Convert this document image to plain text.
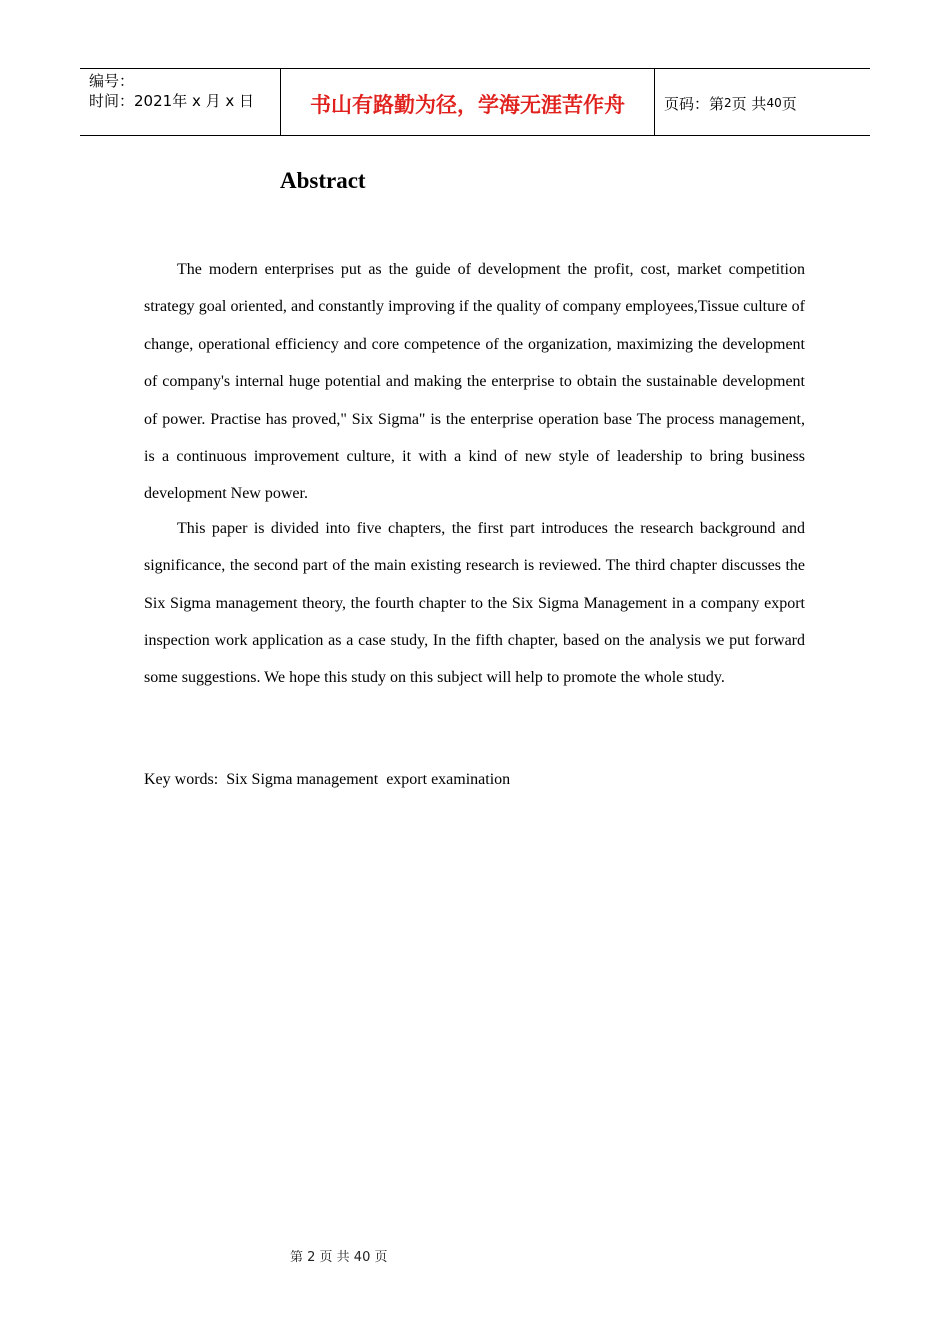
编号：
时间：2021年 x 月 x 日	书山有路勤为径，学海无涯苦作舟	页码：第 2 页 共 40 页
Abstract

The modern enterprises put as the guide of development the profit, cost, market competition strategy goal oriented, and constantly improving if the quality of company employees,Tissue culture of change, operational efficiency and core competence of the organization, maximizing the development of company's internal huge potential and making the enterprise to obtain the sustainable development of power. Practise has proved," Six Sigma" is the enterprise operation base The process management, is a continuous improvement culture, it with a kind of new style of leadership to bring business development New power.

This paper is divided into five chapters, the first part introduces the research background and significance, the second part of the main existing research is reviewed. The third chapter discusses the Six Sigma management theory, the fourth chapter to the Six Sigma Management in a company export inspection work application as a case study, In the fifth chapter, based on the analysis we put forward some suggestions. We hope this study on this subject will help to promote the whole study.

Key words:  Six Sigma management  export examination
第 2 页 共 40 页
